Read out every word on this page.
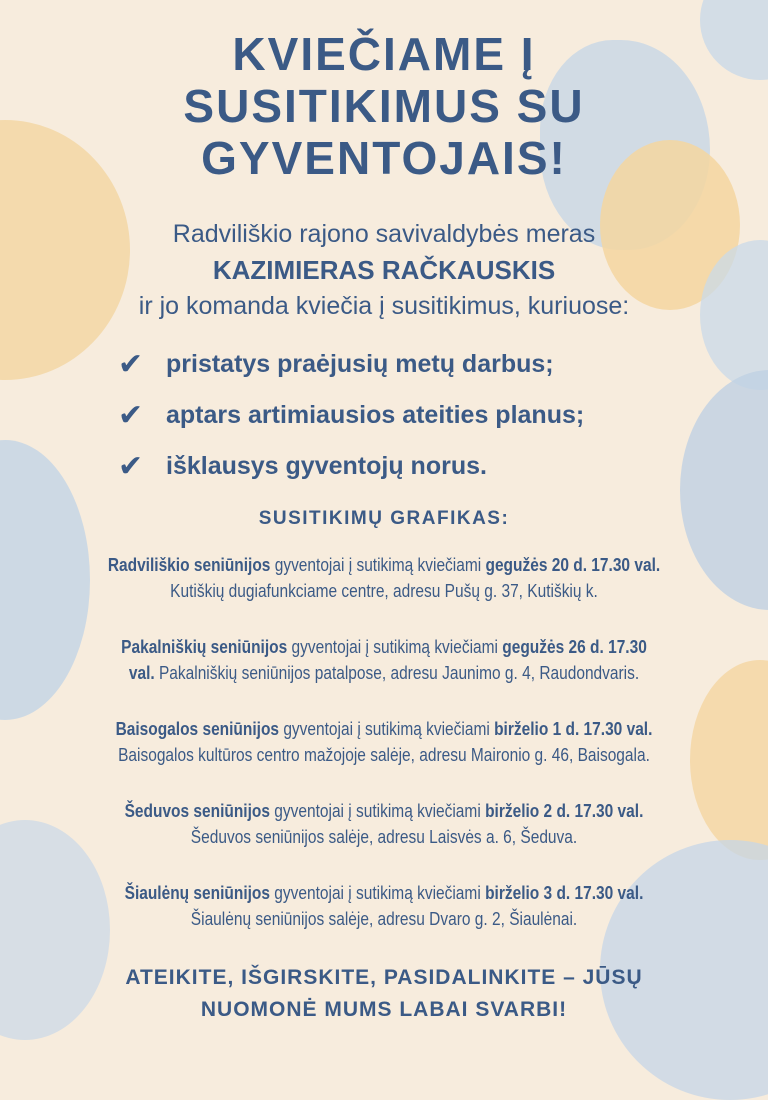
KVIEČIAME Į
SUSITIKIMUS SU
GYVENTOJAIS!
Radviliškio rajono savivaldybės meras
KAZIMIERAS RAČKAUSKIS
ir jo komanda kviečia į susitikimus, kuriuose:
✔ pristatys praėjusių metų darbus;
✔ aptars artimiausios ateities planus;
✔ išklausys gyventojų norus.
SUSITIKIMŲ GRAFIKAS:
Radviliškio seniūnijos gyventojai į sutikimą kviečiami gegužės 20 d. 17.30 val.
Kutiškių dugiafunkciame centre, adresu Pušų g. 37, Kutiškių k.
Pakalniškių seniūnijos gyventojai į sutikimą kviečiami gegužės 26 d. 17.30
val. Pakalniškių seniūnijos patalpose, adresu Jaunimo g. 4, Raudondvaris.
Baisogalos seniūnijos gyventojai į sutikimą kviečiami birželio 1 d. 17.30 val.
Baisogalos kultūros centro mažojoje salėje, adresu Maironio g. 46, Baisogala.
Šeduvos seniūnijos gyventojai į sutikimą kviečiami birželio 2 d. 17.30 val.
Šeduvos seniūnijos salėje, adresu Laisvės a. 6, Šeduva.
Šiaulėnų seniūnijos gyventojai į sutikimą kviečiami birželio 3 d. 17.30 val.
Šiaulėnų seniūnijos salėje, adresu Dvaro g. 2, Šiaulėnai.
ATEIKITE, IŠGIRSKITE, PASIDALINKITE – JŪSŲ
NUOMONĖ MUMS LABAI SVARBI!
